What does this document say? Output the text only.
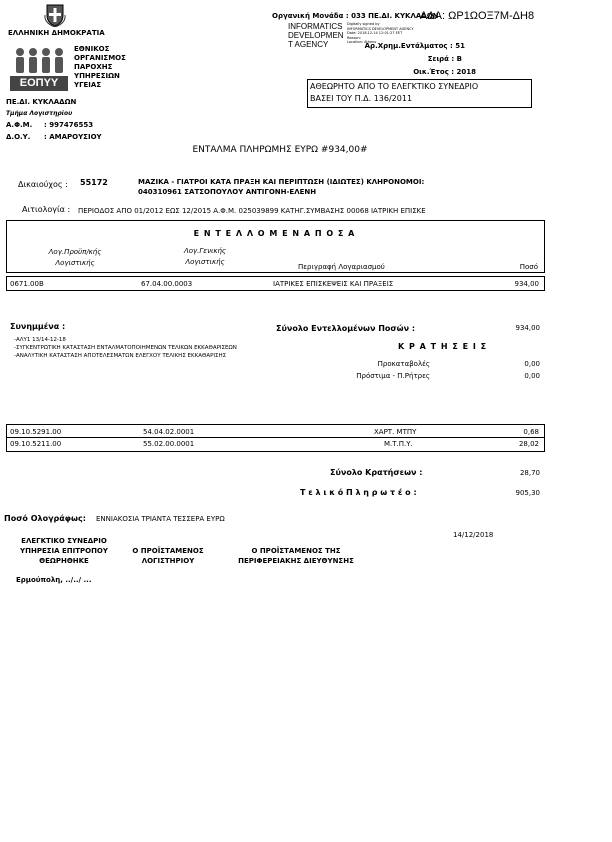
ΕΛΛΗΝΙΚΗ ΔΗΜΟΚΡΑΤΙΑ
ΕΟΠΥΥ
ΕΘΝΙΚΟΣ
ΟΡΓΑΝΙΣΜΟΣ
ΠΑΡΟΧΗΣ
ΥΠΗΡΕΣΙΩΝ
ΥΓΕΙΑΣ
ΠΕ.ΔΙ. ΚΥΚΛΑΔΩΝ
Τμήμα Λογιστηρίου
Α.Φ.Μ. : 997476553
Δ.Ο.Υ. : ΑΜΑΡΟΥΣΙΟΥ
Οργανική Μονάδα : 033 ΠΕ.ΔΙ. ΚΥΚΛΑΔΩΝ
ΑΔΑ: ΩΡ1ΩΟΞ7Μ-ΔΗ8
INFORMATICS
DEVELOPMEN
T AGENCY
Digitally signed by
INFORMATICS DEVELOPMENT AGENCY
Date: 2018.12.14 12:01:27 EET
Reason:
Location: Athens
Αρ.Χρημ.Εντάλματος : 51
Σειρά : Β
Οικ.Έτος : 2018
ΑΘΕΩΡΗΤΟ ΑΠΟ ΤΟ ΕΛΕΓΚΤΙΚΟ ΣΥΝΕΔΡΙΟ
ΒΑΣΕΙ ΤΟΥ Π.Δ. 136/2011
ΕΝΤΑΛΜΑ ΠΛΗΡΩΜΗΣ ΕΥΡΩ #934,00#
Δικαιούχος : 55172	ΜΑΖΙΚΑ - ΓΙΑΤΡΟΙ ΚΑΤΑ ΠΡΑΞΗ ΚΑΙ ΠΕΡΙΠΤΩΣΗ (ΙΔΙΩΤΕΣ) ΚΛΗΡΟΝΟΜΟΙ:
040310961 ΣΑΤΣΟΠΟΥΛΟΥ ΑΝΤΙΓΟΝΗ-ΕΛΕΝΗ
Αιτιολογία : ΠΕΡΙΟΔΟΣ ΑΠΟ 01/2012 ΕΩΣ 12/2015 Α.Φ.Μ. 025039899 ΚΑΤΗΓ.ΣΥΜΒΑΣΗΣ 00068 ΙΑΤΡΙΚΗ ΕΠΙΣΚΕ
Ε Ν Τ Ε Λ Λ Ο Μ Ε Ν Α Π Ο Σ Α
Λογ.Προϋπ/κής
Λογιστικής
Λογ.Γενικής
Λογιστικής
Περιγραφή Λογαριασμού	Ποσό
0671.00Β	67.04.00.0003	ΙΑΤΡΙΚΕΣ ΕΠΙΣΚΕΨΕΙΣ ΚΑΙ ΠΡΑΞΕΙΣ	934,00
Συνημμένα :
-ΑΛΥ1 13/14-12-18
-ΣΥΓΚΕΝΤΡΩΤΙΚΗ ΚΑΤΑΣΤΑΣΗ ΕΝΤΑΛΜΑΤΟΠΟΙΗΜΕΝΩΝ ΤΕΛΙΚΩΝ ΕΚΚΑΘΑΡΙΣΕΩΝ
-ΑΝΑΛΥΤΙΚΗ ΚΑΤΑΣΤΑΣΗ ΑΠΟΤΕΛΕΣΜΑΤΩΝ ΕΛΕΓΧΟΥ ΤΕΛΙΚΗΣ ΕΚΚΑΘΑΡΙΣΗΣ
Σύνολο Εντελλομένων Ποσών :	934,00
Κ Ρ Α Τ Η Σ Ε Ι Σ
Προκαταβολές	0,00
Πρόστιμα - Π.Ρήτρες	0,00
09.10.5291.00	54.04.02.0001	ΧΑΡΤ. ΜΤΠΥ	0,68
09.10.5211.00	55.02.00.0001	Μ.Τ.Π.Υ.	28,02
Σύνολο Κρατήσεων :	28,70
Τ ε λ ι κ ό Π λ η ρ ω τ έ ο :	905,30
Ποσό Ολογράφως: ΕΝΝΙΑΚΟΣΙΑ ΤΡΙΑΝΤΑ ΤΕΣΣΕΡΑ ΕΥΡΩ
14/12/2018
ΕΛΕΓΚΤΙΚΟ ΣΥΝΕΔΡΙΟ
ΥΠΗΡΕΣΙΑ ΕΠΙΤΡΟΠΟΥ
ΘΕΩΡΗΘΗΚΕ
Ο ΠΡΟΪΣΤΑΜΕΝΟΣ
ΛΟΓΙΣΤΗΡΙΟΥ
Ο ΠΡΟΪΣΤΑΜΕΝΟΣ ΤΗΣ
ΠΕΡΙΦΕΡΕΙΑΚΗΣ ΔΙΕΥΘΥΝΣΗΣ
Ερμούπολη, ../../ ...
